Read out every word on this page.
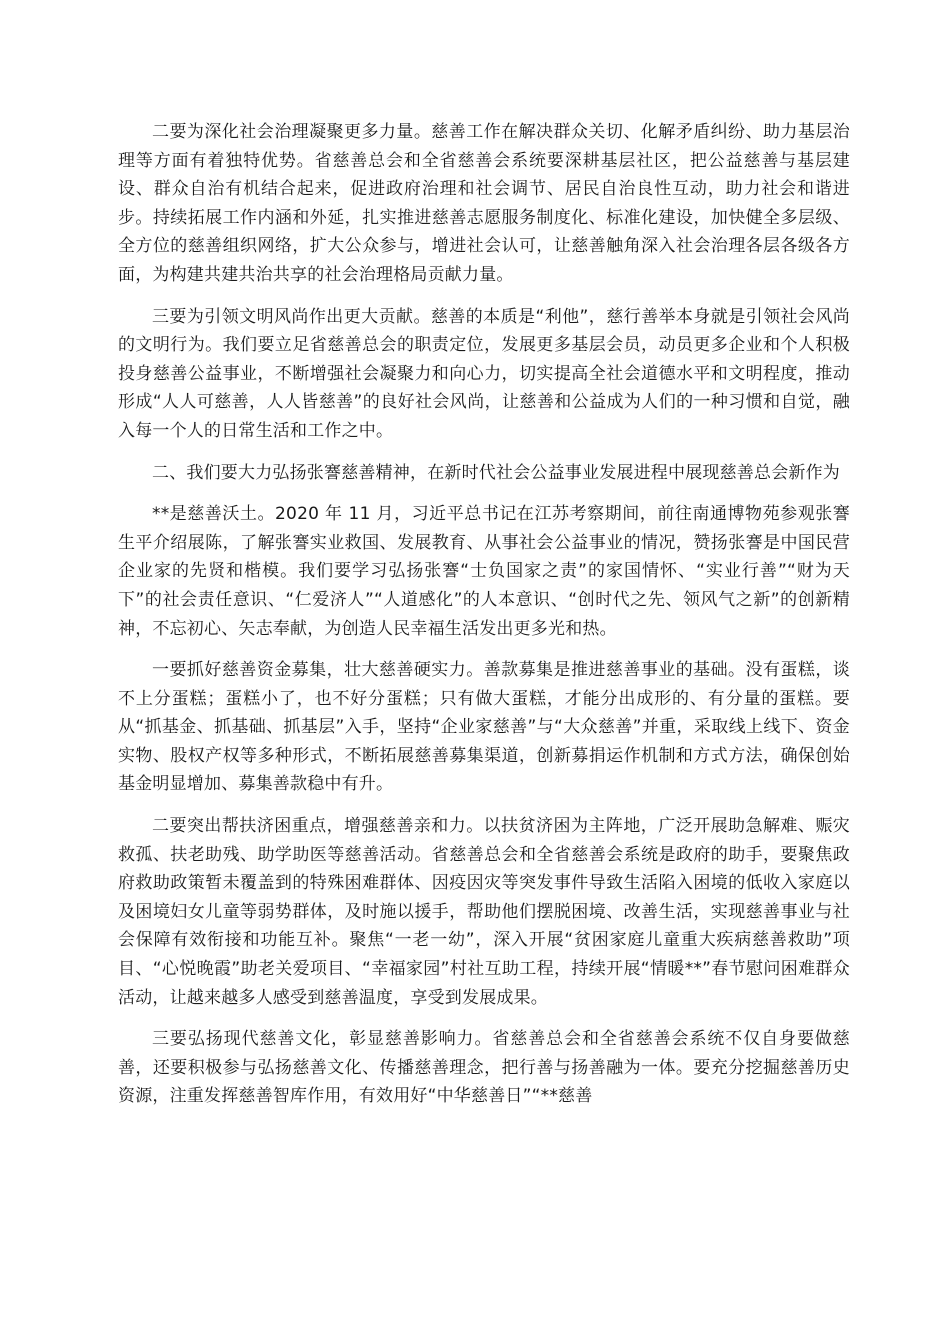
二要为深化社会治理凝聚更多力量。慈善工作在解决群众关切、化解矛盾纠纷、助力基层治理等方面有着独特优势。省慈善总会和全省慈善会系统要深耕基层社区，把公益慈善与基层建设、群众自治有机结合起来，促进政府治理和社会调节、居民自治良性互动，助力社会和谐进步。持续拓展工作内涵和外延，扎实推进慈善志愿服务制度化、标准化建设，加快健全多层级、全方位的慈善组织网络，扩大公众参与，增进社会认可，让慈善触角深入社会治理各层各级各方面，为构建共建共治共享的社会治理格局贡献力量。

三要为引领文明风尚作出更大贡献。慈善的本质是“利他”，慈行善举本身就是引领社会风尚的文明行为。我们要立足省慈善总会的职责定位，发展更多基层会员，动员更多企业和个人积极投身慈善公益事业，不断增强社会凝聚力和向心力，切实提高全社会道德水平和文明程度，推动形成“人人可慈善，人人皆慈善”的良好社会风尚，让慈善和公益成为人们的一种习惯和自觉，融入每一个人的日常生活和工作之中。

二、我们要大力弘扬张謇慈善精神，在新时代社会公益事业发展进程中展现慈善总会新作为

**是慈善沃土。2020 年 11 月，习近平总书记在江苏考察期间，前往南通博物苑参观张謇生平介绍展陈，了解张謇实业救国、发展教育、从事社会公益事业的情况，赞扬张謇是中国民营企业家的先贤和楷模。我们要学习弘扬张謇“士负国家之责”的家国情怀、“实业行善”“财为天下”的社会责任意识、“仁爱济人”“人道感化”的人本意识、“创时代之先、领风气之新”的创新精神，不忘初心、矢志奉献，为创造人民幸福生活发出更多光和热。

一要抓好慈善资金募集，壮大慈善硬实力。善款募集是推进慈善事业的基础。没有蛋糕，谈不上分蛋糕；蛋糕小了，也不好分蛋糕；只有做大蛋糕，才能分出成形的、有分量的蛋糕。要从“抓基金、抓基础、抓基层”入手，坚持“企业家慈善”与“大众慈善”并重，采取线上线下、资金实物、股权产权等多种形式，不断拓展慈善募集渠道，创新募捐运作机制和方式方法，确保创始基金明显增加、募集善款稳中有升。

二要突出帮扶济困重点，增强慈善亲和力。以扶贫济困为主阵地，广泛开展助急解难、赈灾救孤、扶老助残、助学助医等慈善活动。省慈善总会和全省慈善会系统是政府的助手，要聚焦政府救助政策暂未覆盖到的特殊困难群体、因疫因灾等突发事件导致生活陷入困境的低收入家庭以及困境妇女儿童等弱势群体，及时施以援手，帮助他们摆脱困境、改善生活，实现慈善事业与社会保障有效衔接和功能互补。聚焦“一老一幼”，深入开展“贫困家庭儿童重大疾病慈善救助”项目、“心悦晚霞”助老关爱项目、“幸福家园”村社互助工程，持续开展“情暖**”春节慰问困难群众活动，让越来越多人感受到慈善温度，享受到发展成果。

三要弘扬现代慈善文化，彰显慈善影响力。省慈善总会和全省慈善会系统不仅自身要做慈善，还要积极参与弘扬慈善文化、传播慈善理念，把行善与扬善融为一体。要充分挖掘慈善历史资源，注重发挥慈善智库作用，有效用好“中华慈善日”“**慈善
